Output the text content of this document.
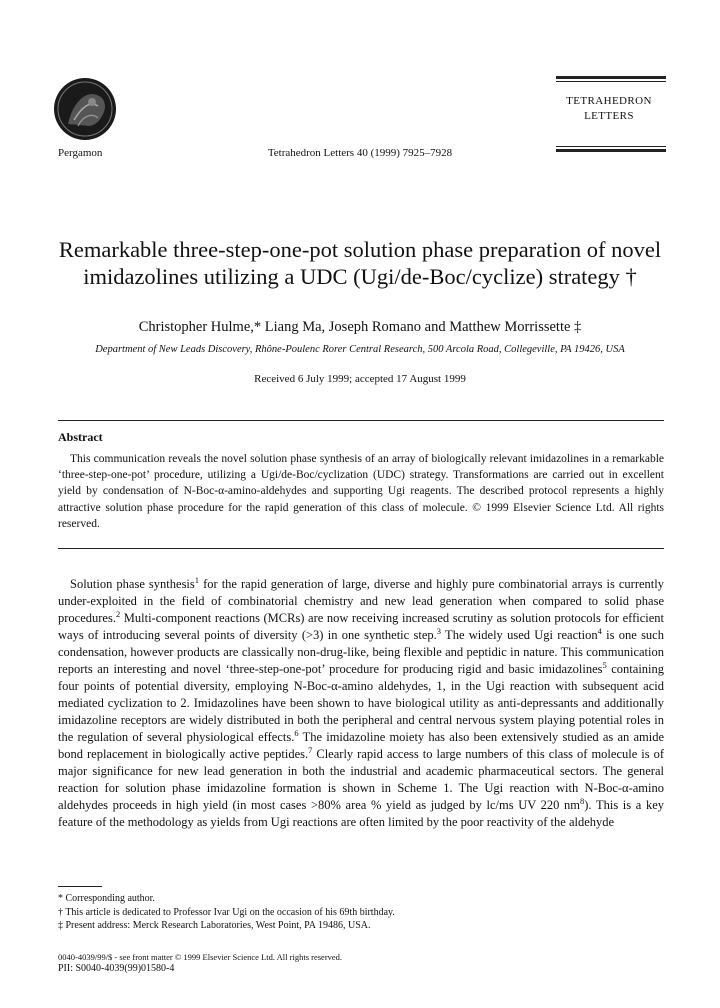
Pergamon	Tetrahedron Letters 40 (1999) 7925–7928
TETRAHEDRON
LETTERS
Remarkable three-step-one-pot solution phase preparation of novel imidazolines utilizing a UDC (Ugi/de-Boc/cyclize) strategy †
Christopher Hulme,* Liang Ma, Joseph Romano and Matthew Morrissette ‡
Department of New Leads Discovery, Rhône-Poulenc Rorer Central Research, 500 Arcola Road, Collegeville, PA 19426, USA
Received 6 July 1999; accepted 17 August 1999
Abstract
This communication reveals the novel solution phase synthesis of an array of biologically relevant imidazolines in a remarkable ‘three-step-one-pot’ procedure, utilizing a Ugi/de-Boc/cyclization (UDC) strategy. Transformations are carried out in excellent yield by condensation of N-Boc-α-amino-aldehydes and supporting Ugi reagents. The described protocol represents a highly attractive solution phase procedure for the rapid generation of this class of molecule. © 1999 Elsevier Science Ltd. All rights reserved.

Solution phase synthesis$^1$ for the rapid generation of large, diverse and highly pure combinatorial arrays is currently under-exploited in the field of combinatorial chemistry and new lead generation when compared to solid phase procedures.$^2$ Multi-component reactions (MCRs) are now receiving increased scrutiny as solution protocols for efficient ways of introducing several points of diversity (>3) in one synthetic step.$^3$ The widely used Ugi reaction$^4$ is one such condensation, however products are classically non-drug-like, being flexible and peptidic in nature. This communication reports an interesting and novel ‘three-step-one-pot’ procedure for producing rigid and basic imidazolines$^5$ containing four points of potential diversity, employing N-Boc-α-amino aldehydes, 1, in the Ugi reaction with subsequent acid mediated cyclization to 2. Imidazolines have been shown to have biological utility as anti-depressants and additionally imidazoline receptors are widely distributed in both the peripheral and central nervous system playing potential roles in the regulation of several physiological effects.$^6$ The imidazoline moiety has also been extensively studied as an amide bond replacement in biologically active peptides.$^7$ Clearly rapid access to large numbers of this class of molecule is of major significance for new lead generation in both the industrial and academic pharmaceutical sectors. The general reaction for solution phase imidazoline formation is shown in Scheme 1. The Ugi reaction with N-Boc-α-amino aldehydes proceeds in high yield (in most cases >80% area % yield as judged by lc/ms UV 220 $nm^8$). This is a key feature of the methodology as yields from Ugi reactions are often limited by the poor reactivity of the aldehyde

* Corresponding author.
† This article is dedicated to Professor Ivar Ugi on the occasion of his 69th birthday.
‡ Present address: Merck Research Laboratories, West Point, PA 19486, USA.
0040-4039/99/$ - see front matter © 1999 Elsevier Science Ltd. All rights reserved.
PII: S0040-4039(99)01580-4
